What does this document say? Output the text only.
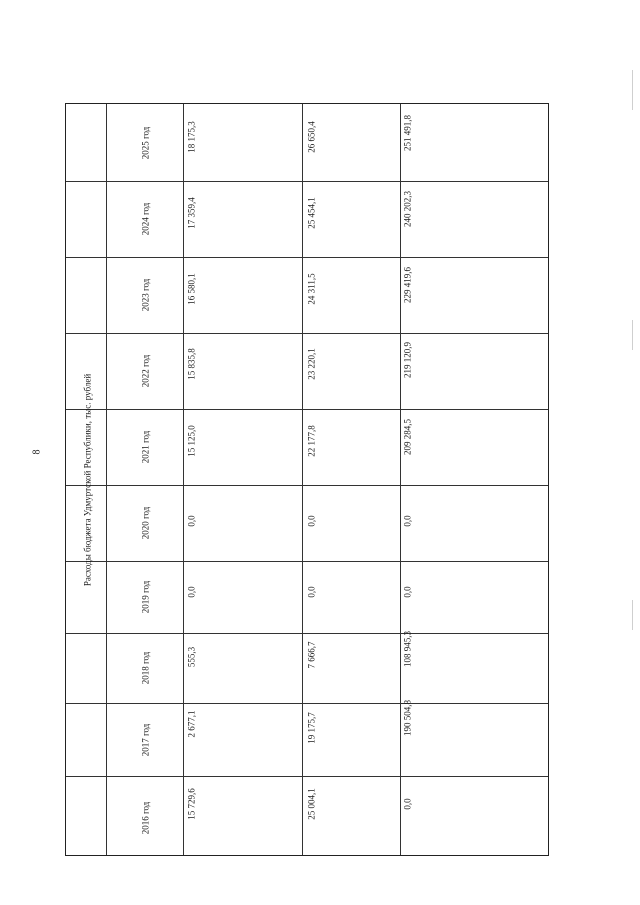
8	Расходы бюджета Удмуртской Республики, тыс. рублей
2016 год
2017 год
2018 год
2019 год
2020 год
2021 год
2022 год
2023 год
2024 год
2025 год
15 729,6
2 677,1
555,3
0,0
0,0
15 125,0
15 835,8
16 580,1
17 359,4
18 175,3
25 004,1
19 175,7
7 666,7
0,0
0,0
22 177,8
23 220,1
24 311,5
25 454,1
26 650,4
0,0
190 504,8
108 945,3
0,0
0,0
209 284,5
219 120,9
229 419,6
240 202,3
251 491,8
